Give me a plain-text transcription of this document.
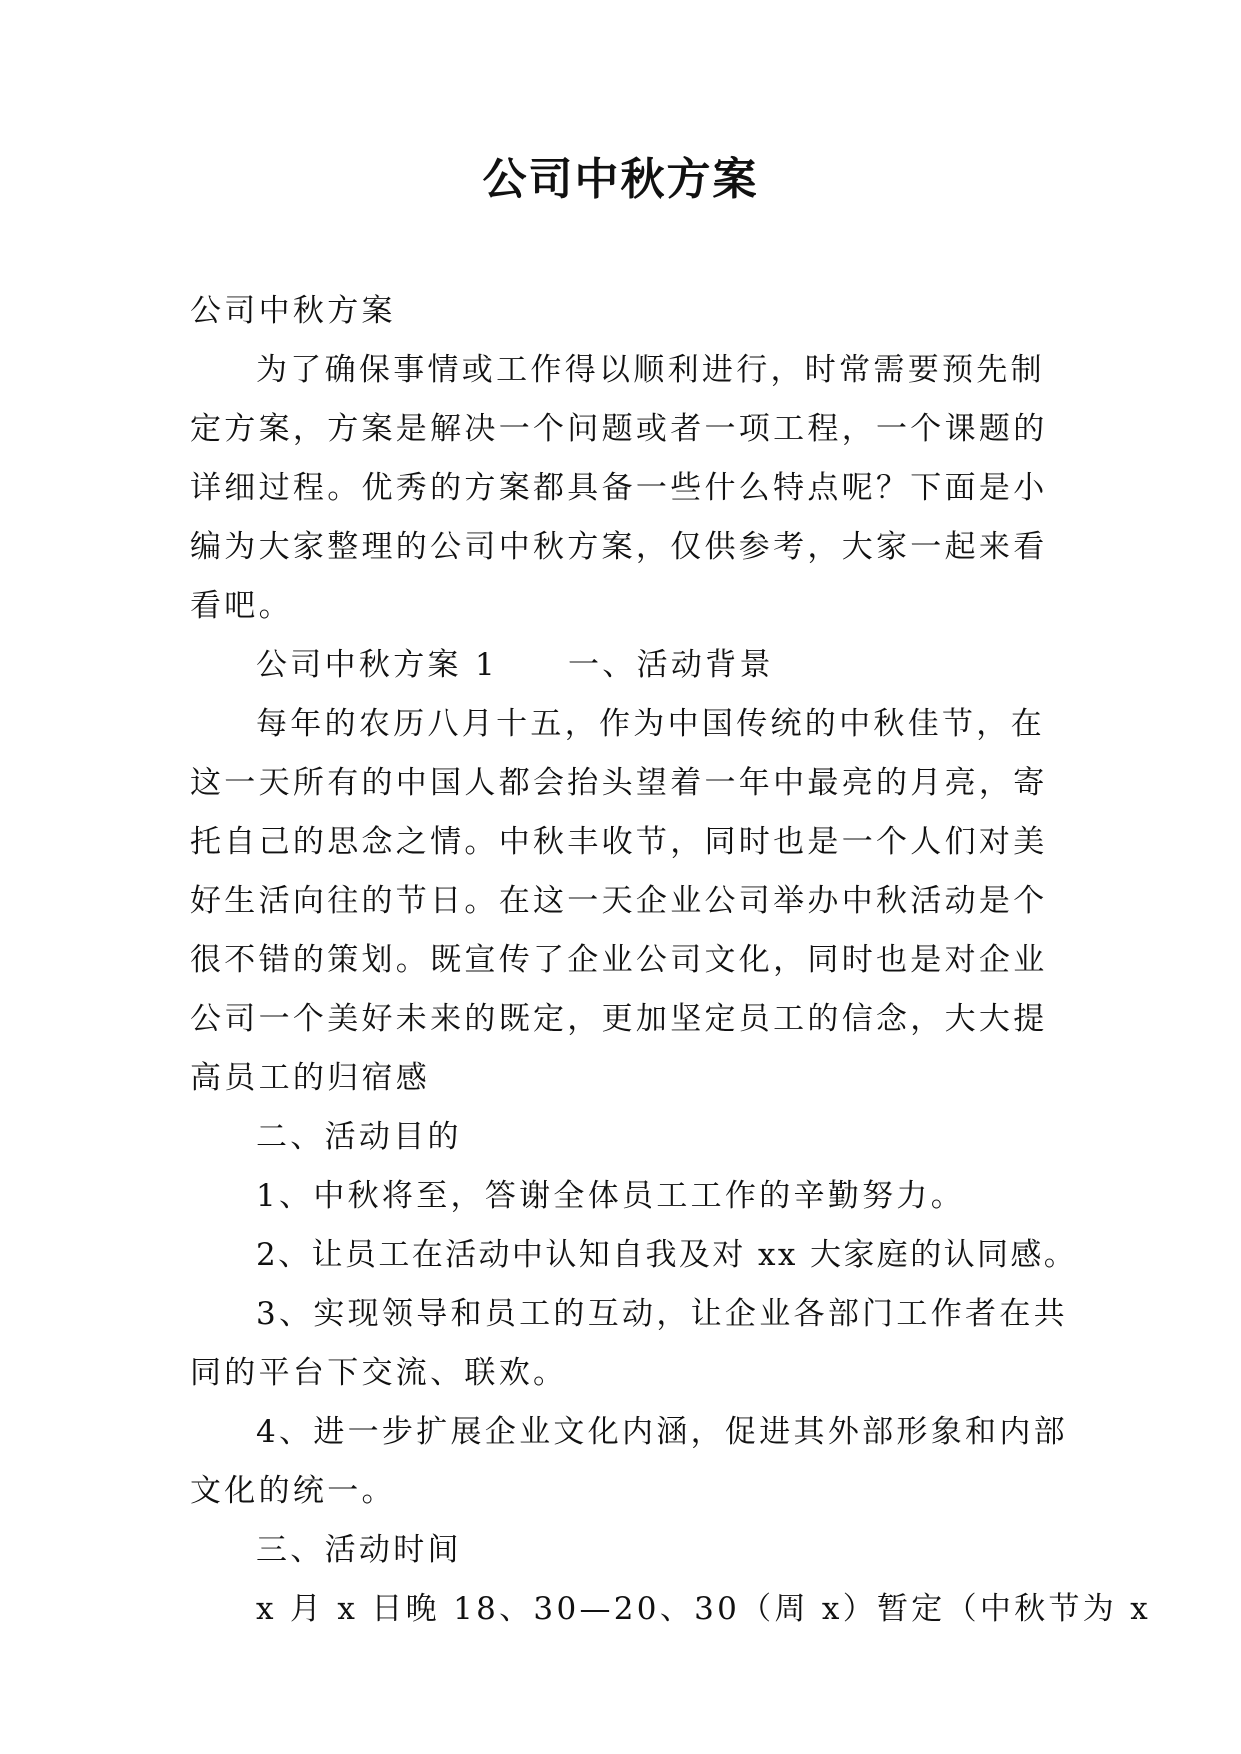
公司中秋方案

公司中秋方案

为了确保事情或工作得以顺利进行，时常需要预先制定方案，方案是解决一个问题或者一项工程，一个课题的详细过程。优秀的方案都具备一些什么特点呢？下面是小编为大家整理的公司中秋方案，仅供参考，大家一起来看看吧。

公司中秋方案 1 一、活动背景

每年的农历八月十五，作为中国传统的中秋佳节，在这一天所有的中国人都会抬头望着一年中最亮的月亮，寄托自己的思念之情。中秋丰收节，同时也是一个人们对美好生活向往的节日。在这一天企业公司举办中秋活动是个很不错的策划。既宣传了企业公司文化，同时也是对企业公司一个美好未来的既定，更加坚定员工的信念，大大提高员工的归宿感

二、活动目的

1、中秋将至，答谢全体员工工作的辛勤努力。

2、让员工在活动中认知自我及对 xx 大家庭的认同感。

3、实现领导和员工的互动，让企业各部门工作者在共同的平台下交流、联欢。

4、进一步扩展企业文化内涵，促进其外部形象和内部文化的统一。

三、活动时间

x 月 x 日晚 18、30—20、30（周 x）暂定（中秋节为 x
